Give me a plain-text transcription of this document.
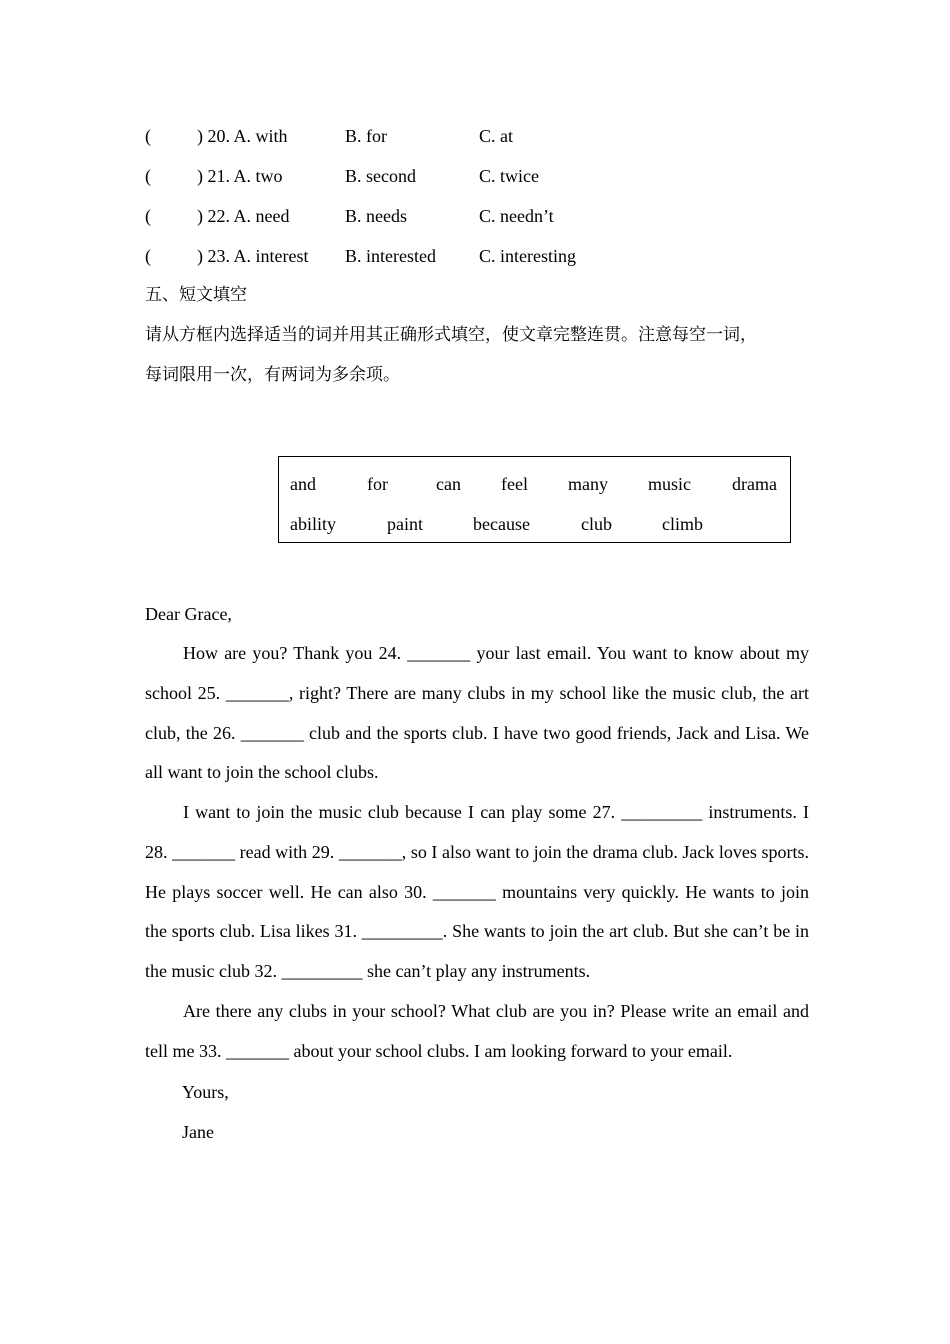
(	) 20. A. with	B. for	C. at
(	) 21. A. two	B. second	C. twice
(	) 22. A. need	B. needs	C. needn’t
(	) 23. A. interest B. interested C. interesting
五、短文填空
请从方框内选择适当的词并用其正确形式填空，使文章完整连贯。注意每空一词，
每词限用一次，有两词为多余项。
and	for	can feel many music drama
ability	paint	because	club	climb
Dear Grace,
How are you? Thank you 24. _______ your last email. You want to know about my school 25. _______, right? There are many clubs in my school like the music club, the art club, the 26. _______ club and the sports club. I have two good friends, Jack and Lisa. We all want to join the school clubs.
I want to join the music club because I can play some 27. _________ instruments. I 28. _______ read with 29. _______, so I also want to join the drama club. Jack loves sports. He plays soccer well. He can also 30. _______ mountains very quickly. He wants to join the sports club. Lisa likes 31. _________. She wants to join the art club. But she can’t be in the music club 32. _________ she can’t play any instruments.
Are there any clubs in your school? What club are you in? Please write an email and tell me 33. _______ about your school clubs. I am looking forward to your email.
Yours,
Jane
